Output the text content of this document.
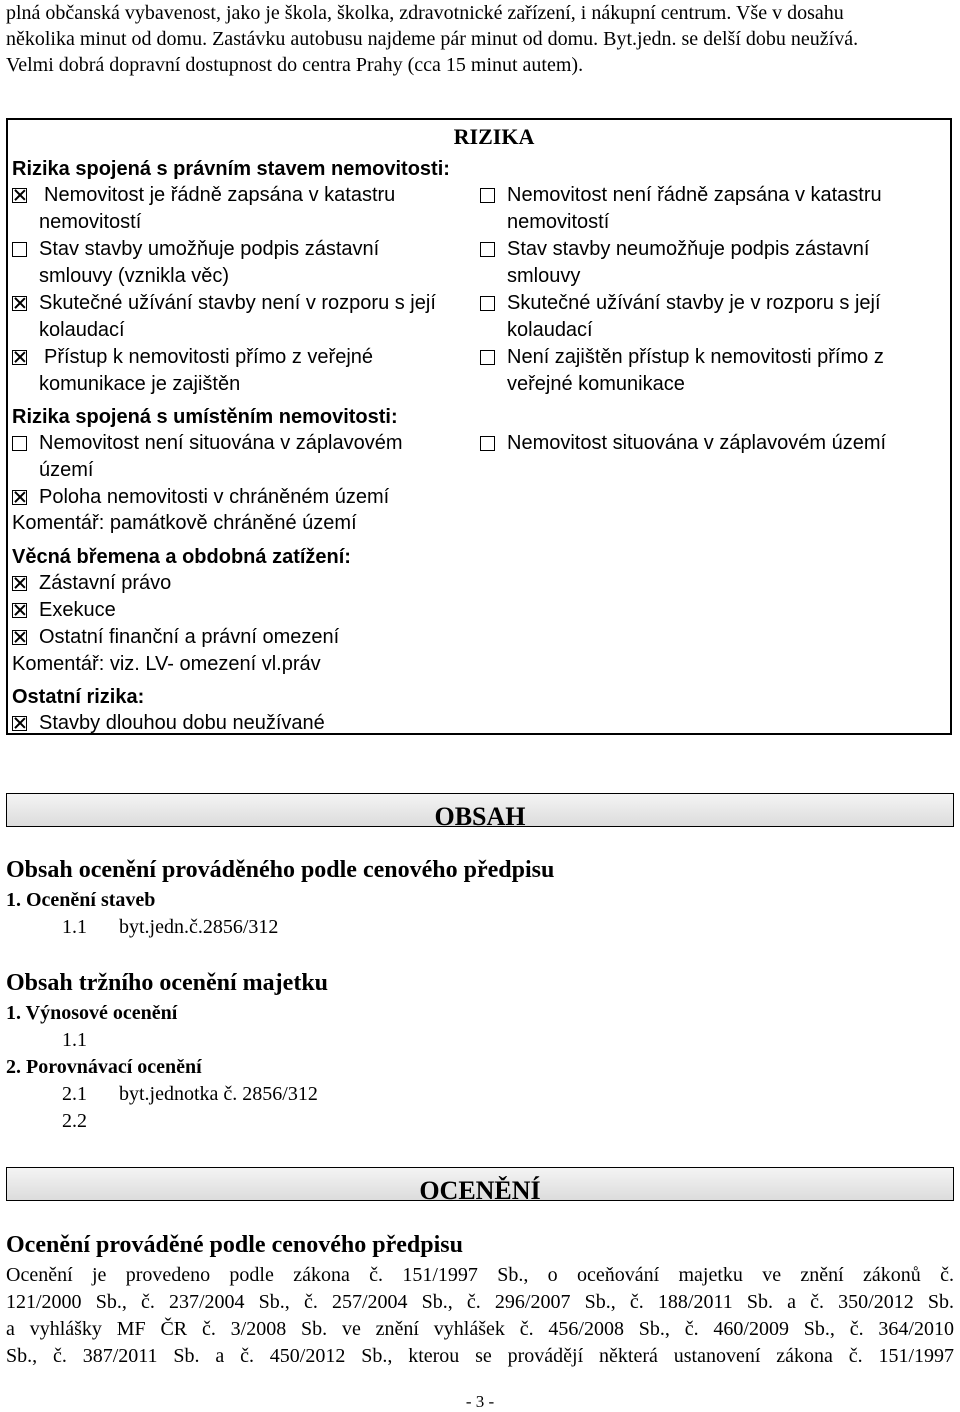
plná občanská vybavenost, jako je škola, školka, zdravotnické zařízení, i nákupní centrum. Vše v dosahu
několika minut od domu. Zastávku autobusu najdeme pár minut od domu. Byt.jedn. se delší dobu neužívá.
Velmi dobrá dopravní dostupnost do centra Prahy (cca 15 minut autem).
RIZIKA
Rizika spojená s právním stavem nemovitosti:
Nemovitost je řádně zapsána v katastru
nemovitostí
Stav stavby umožňuje podpis zástavní
smlouvy (vznikla věc)
Skutečné užívání stavby není v rozporu s její
kolaudací
Přístup k nemovitosti přímo z veřejné
komunikace je zajištěn
Nemovitost není řádně zapsána v katastru
nemovitostí
Stav stavby neumožňuje podpis zástavní
smlouvy
Skutečné užívání stavby je v rozporu s její
kolaudací
Není zajištěn přístup k nemovitosti přímo z
veřejné komunikace
Rizika spojená s umístěním nemovitosti:
Nemovitost není situována v záplavovém
území
Nemovitost situována v záplavovém území
Poloha nemovitosti v chráněném území
Komentář: památkově chráněné území
Věcná břemena a obdobná zatížení:
Zástavní právo
Exekuce
Ostatní finanční a právní omezení
Komentář: viz. LV- omezení vl.práv
Ostatní rizika:
Stavby dlouhou dobu neužívané
OBSAH
Obsah ocenění prováděného podle cenového předpisu
1. Ocenění staveb
1.1 byt.jedn.č.2856/312
Obsah tržního ocenění majetku
1. Výnosové ocenění
1.1
2. Porovnávací ocenění
2.1 byt.jednotka č. 2856/312
2.2
OCENĚNÍ
Ocenění prováděné podle cenového předpisu
Ocenění je provedeno podle zákona č. 151/1997 Sb., o oceňování majetku ve znění zákonů č.
121/2000 Sb., č. 237/2004 Sb., č. 257/2004 Sb., č. 296/2007 Sb., č. 188/2011 Sb. a č. 350/2012 Sb.
a vyhlášky MF ČR č. 3/2008 Sb. ve znění vyhlášek č. 456/2008 Sb., č. 460/2009 Sb., č. 364/2010
Sb., č. 387/2011 Sb. a č. 450/2012 Sb., kterou se provádějí některá ustanovení zákona č. 151/1997
- 3 -
